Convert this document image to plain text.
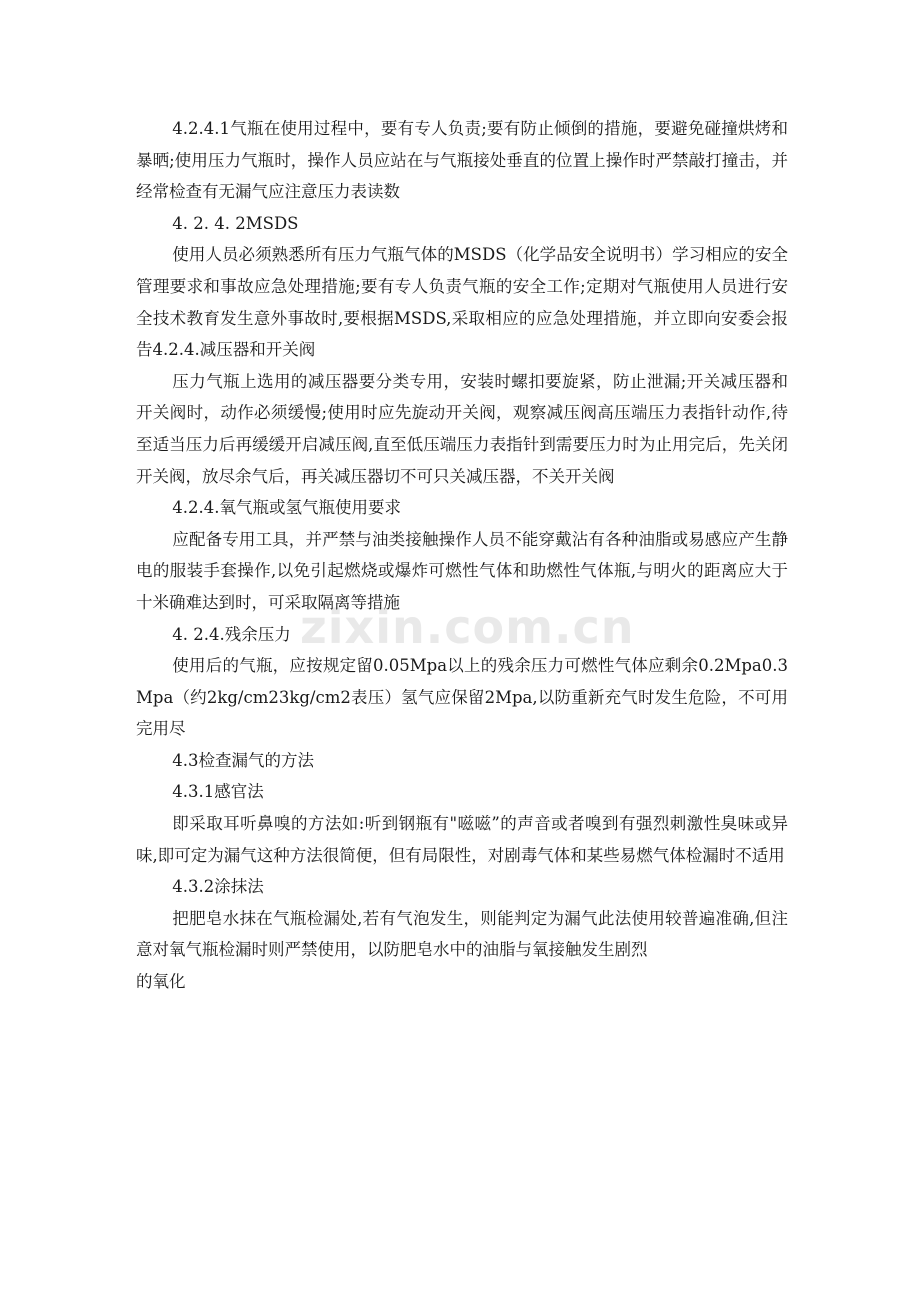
zixin.com.cn

4.2.4.1气瓶在使用过程中，要有专人负责;要有防止倾倒的措施，要避免碰撞烘烤和暴晒;使用压力气瓶时，操作人员应站在与气瓶接处垂直的位置上操作时严禁敲打撞击，并经常检查有无漏气应注意压力表读数

4. 2. 4. 2MSDS

使用人员必须熟悉所有压力气瓶气体的MSDS（化学品安全说明书）学习相应的安全管理要求和事故应急处理措施;要有专人负责气瓶的安全工作;定期对气瓶使用人员进行安全技术教育发生意外事故时,要根据MSDS,采取相应的应急处理措施，并立即向安委会报告4.2.4.减压器和开关阀

压力气瓶上选用的减压器要分类专用，安装时螺扣要旋紧，防止泄漏;开关减压器和开关阀时，动作必须缓慢;使用时应先旋动开关阀，观察减压阀高压端压力表指针动作,待至适当压力后再缓缓开启减压阀,直至低压端压力表指针到需要压力时为止用完后，先关闭开关阀，放尽余气后，再关减压器切不可只关减压器，不关开关阀

4.2.4.氧气瓶或氢气瓶使用要求

应配备专用工具，并严禁与油类接触操作人员不能穿戴沾有各种油脂或易感应产生静电的服装手套操作,以免引起燃烧或爆炸可燃性气体和助燃性气体瓶,与明火的距离应大于十米确难达到时，可采取隔离等措施

4. 2.4.残余压力

使用后的气瓶，应按规定留0.05Mpa以上的残余压力可燃性气体应剩余0.2Mpa0.3Mpa（约2kg/cm23kg/cm2表压）氢气应保留2Mpa,以防重新充气时发生危险，不可用完用尽

4.3检查漏气的方法

4.3.1感官法

即采取耳听鼻嗅的方法如:听到钢瓶有"嗞嗞”的声音或者嗅到有强烈刺激性臭味或异味,即可定为漏气这种方法很简便，但有局限性，对剧毒气体和某些易燃气体检漏时不适用

4.3.2涂抹法

把肥皂水抹在气瓶检漏处,若有气泡发生，则能判定为漏气此法使用较普遍准确,但注意对氧气瓶检漏时则严禁使用，以防肥皂水中的油脂与氧接触发生剧烈

的氧化
